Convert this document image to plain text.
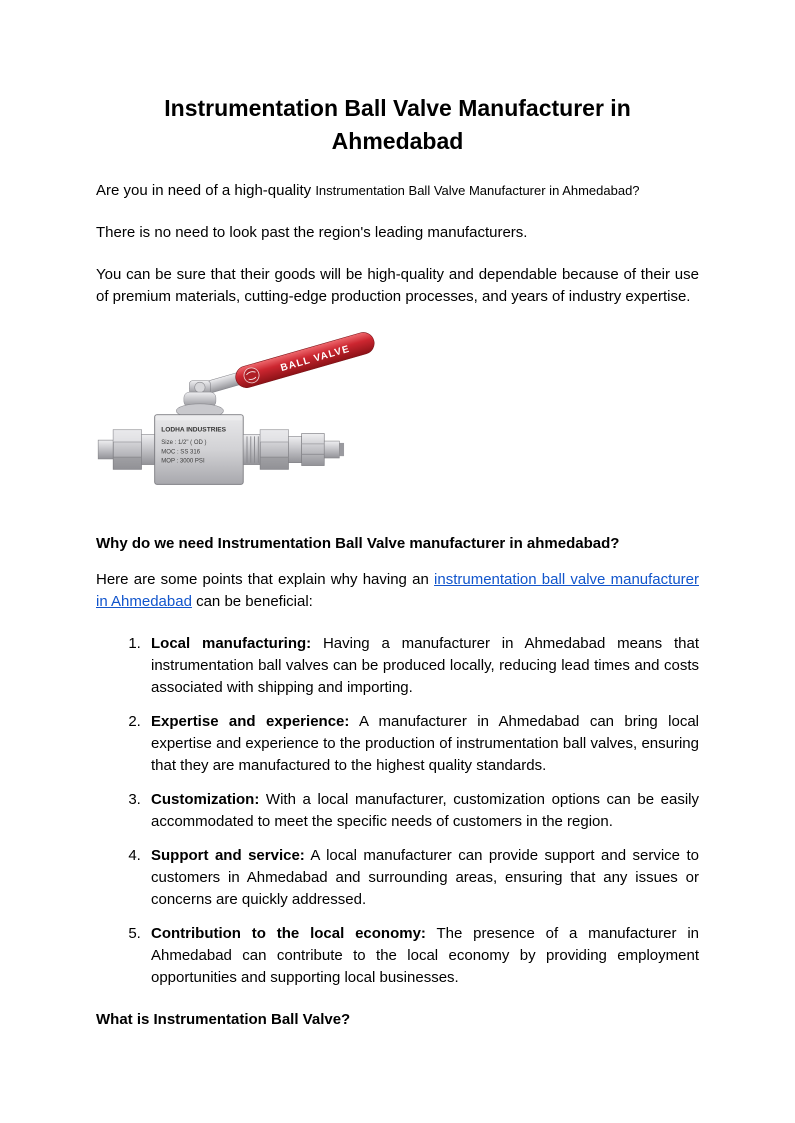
Instrumentation Ball Valve Manufacturer in Ahmedabad

Are you in need of a high-quality Instrumentation Ball Valve Manufacturer in Ahmedabad?

There is no need to look past the region's leading manufacturers.

You can be sure that their goods will be high-quality and dependable because of their use of premium materials, cutting-edge production processes, and years of industry expertise.

BALL VALVE
LODHA INDUSTRIES
Size : 1/2" ( OD )
MOC : SS 316
MOP : 3000 PSI
Why do we need Instrumentation Ball Valve manufacturer in ahmedabad?

Here are some points that explain why having an instrumentation ball valve manufacturer in Ahmedabad can be beneficial:

1. Local manufacturing: Having a manufacturer in Ahmedabad means that instrumentation ball valves can be produced locally, reducing lead times and costs associated with shipping and importing.
2. Expertise and experience: A manufacturer in Ahmedabad can bring local expertise and experience to the production of instrumentation ball valves, ensuring that they are manufactured to the highest quality standards.
3. Customization: With a local manufacturer, customization options can be easily accommodated to meet the specific needs of customers in the region.
4. Support and service: A local manufacturer can provide support and service to customers in Ahmedabad and surrounding areas, ensuring that any issues or concerns are quickly addressed.
5. Contribution to the local economy: The presence of a manufacturer in Ahmedabad can contribute to the local economy by providing employment opportunities and supporting local businesses.
What is Instrumentation Ball Valve?
